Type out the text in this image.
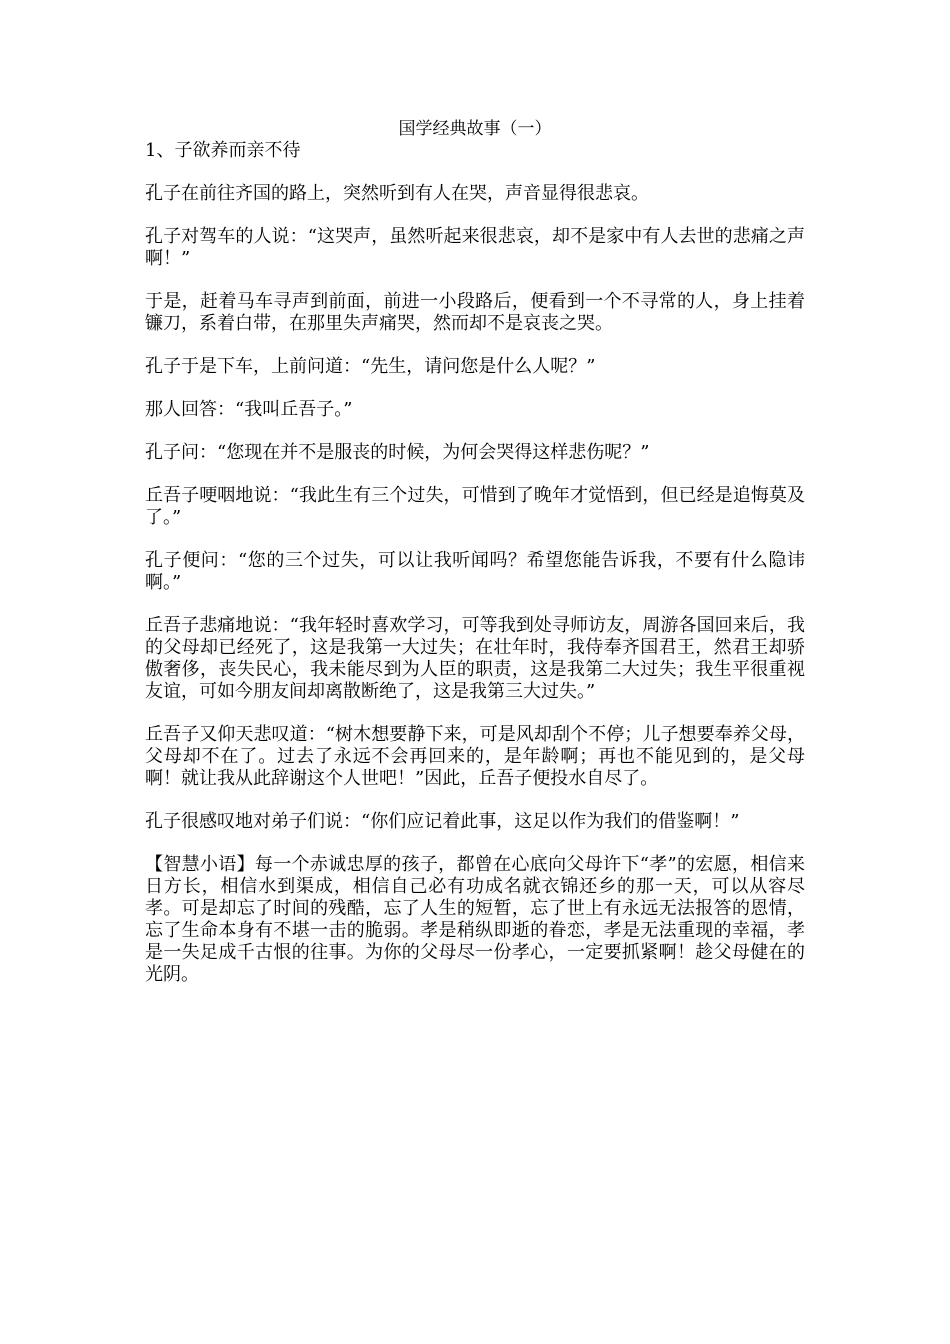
国学经典故事（一）

1、子欲养而亲不待

孔子在前往齐国的路上，突然听到有人在哭，声音显得很悲哀。

孔子对驾车的人说：“这哭声，虽然听起来很悲哀，却不是家中有人去世的悲痛之声啊！”

于是，赶着马车寻声到前面，前进一小段路后，便看到一个不寻常的人，身上挂着镰刀，系着白带，在那里失声痛哭，然而却不是哀丧之哭。

孔子于是下车，上前问道：“先生，请问您是什么人呢？”

那人回答：“我叫丘吾子。”

孔子问：“您现在并不是服丧的时候，为何会哭得这样悲伤呢？”

丘吾子哽咽地说：“我此生有三个过失，可惜到了晚年才觉悟到，但已经是追悔莫及了。”

孔子便问：“您的三个过失，可以让我听闻吗？希望您能告诉我，不要有什么隐讳啊。”

丘吾子悲痛地说：“我年轻时喜欢学习，可等我到处寻师访友，周游各国回来后，我的父母却已经死了，这是我第一大过失；在壮年时，我侍奉齐国君王，然君王却骄傲奢侈，丧失民心，我未能尽到为人臣的职责，这是我第二大过失；我生平很重视友谊，可如今朋友间却离散断绝了，这是我第三大过失。”

丘吾子又仰天悲叹道：“树木想要静下来，可是风却刮个不停；儿子想要奉养父母，父母却不在了。过去了永远不会再回来的，是年龄啊；再也不能见到的，是父母啊！就让我从此辞谢这个人世吧！”因此，丘吾子便投水自尽了。

孔子很感叹地对弟子们说：“你们应记着此事，这足以作为我们的借鉴啊！”

【智慧小语】每一个赤诚忠厚的孩子，都曾在心底向父母许下“孝”的宏愿，相信来日方长，相信水到渠成，相信自己必有功成名就衣锦还乡的那一天，可以从容尽孝。可是却忘了时间的残酷，忘了人生的短暂，忘了世上有永远无法报答的恩情，忘了生命本身有不堪一击的脆弱。孝是稍纵即逝的眷恋，孝是无法重现的幸福，孝是一失足成千古恨的往事。为你的父母尽一份孝心，一定要抓紧啊！趁父母健在的光阴。
